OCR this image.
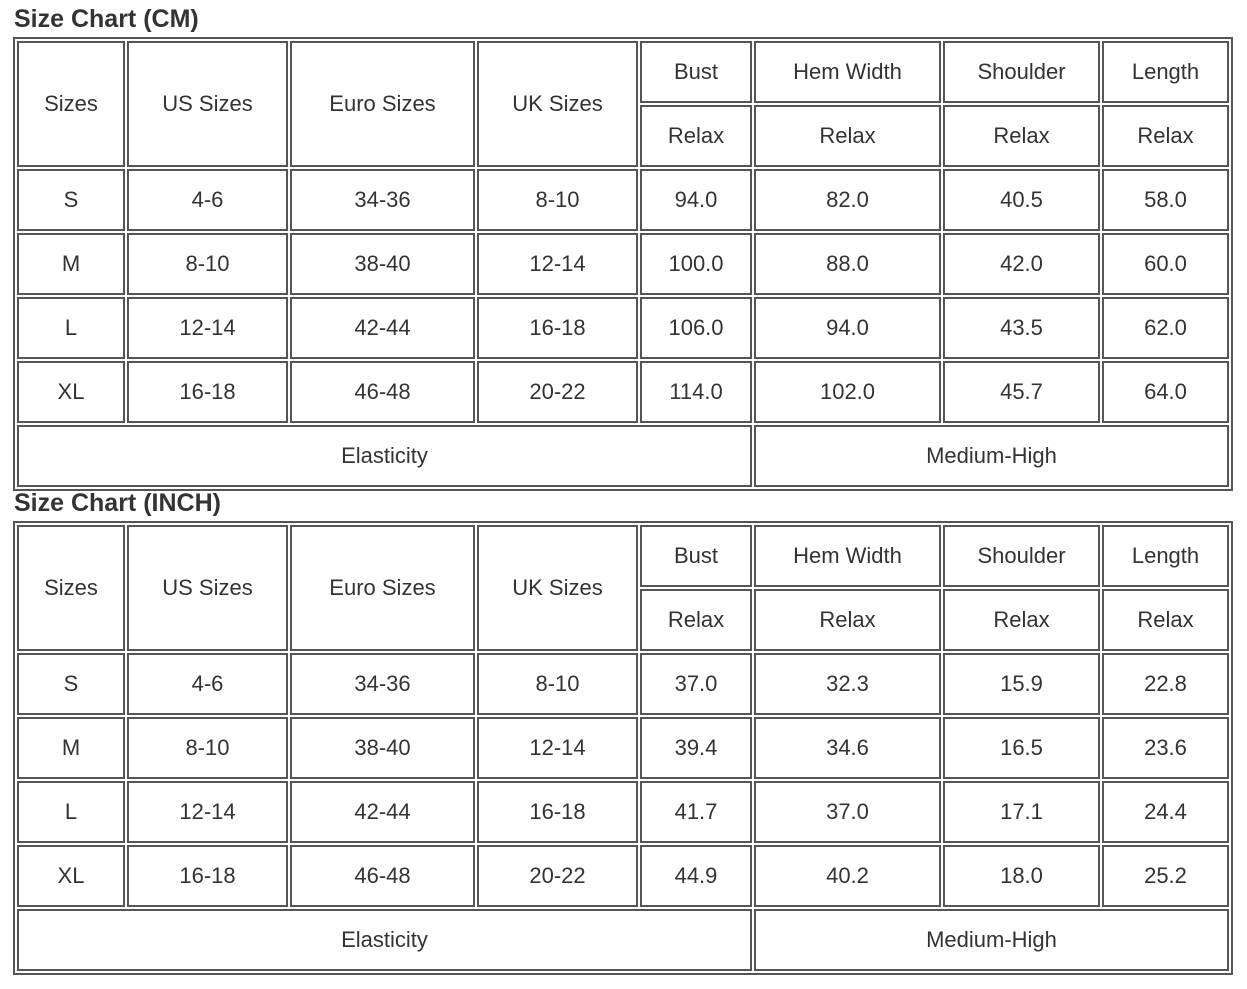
Size Chart (CM)
Sizes	US Sizes	Euro Sizes	UK Sizes	Bust	Hem Width	Shoulder	Length
				Relax	Relax	Relax	Relax
S	4-6	34-36	8-10	94.0	82.0	40.5	58.0
M	8-10	38-40	12-14	100.0	88.0	42.0	60.0
L	12-14	42-44	16-18	106.0	94.0	43.5	62.0
XL	16-18	46-48	20-22	114.0	102.0	45.7	64.0
Elasticity					Medium-High		
Size Chart (INCH)
Sizes	US Sizes	Euro Sizes	UK Sizes	Bust	Hem Width	Shoulder	Length
				Relax	Relax	Relax	Relax
S	4-6	34-36	8-10	37.0	32.3	15.9	22.8
M	8-10	38-40	12-14	39.4	34.6	16.5	23.6
L	12-14	42-44	16-18	41.7	37.0	17.1	24.4
XL	16-18	46-48	20-22	44.9	40.2	18.0	25.2
Elasticity					Medium-High		
